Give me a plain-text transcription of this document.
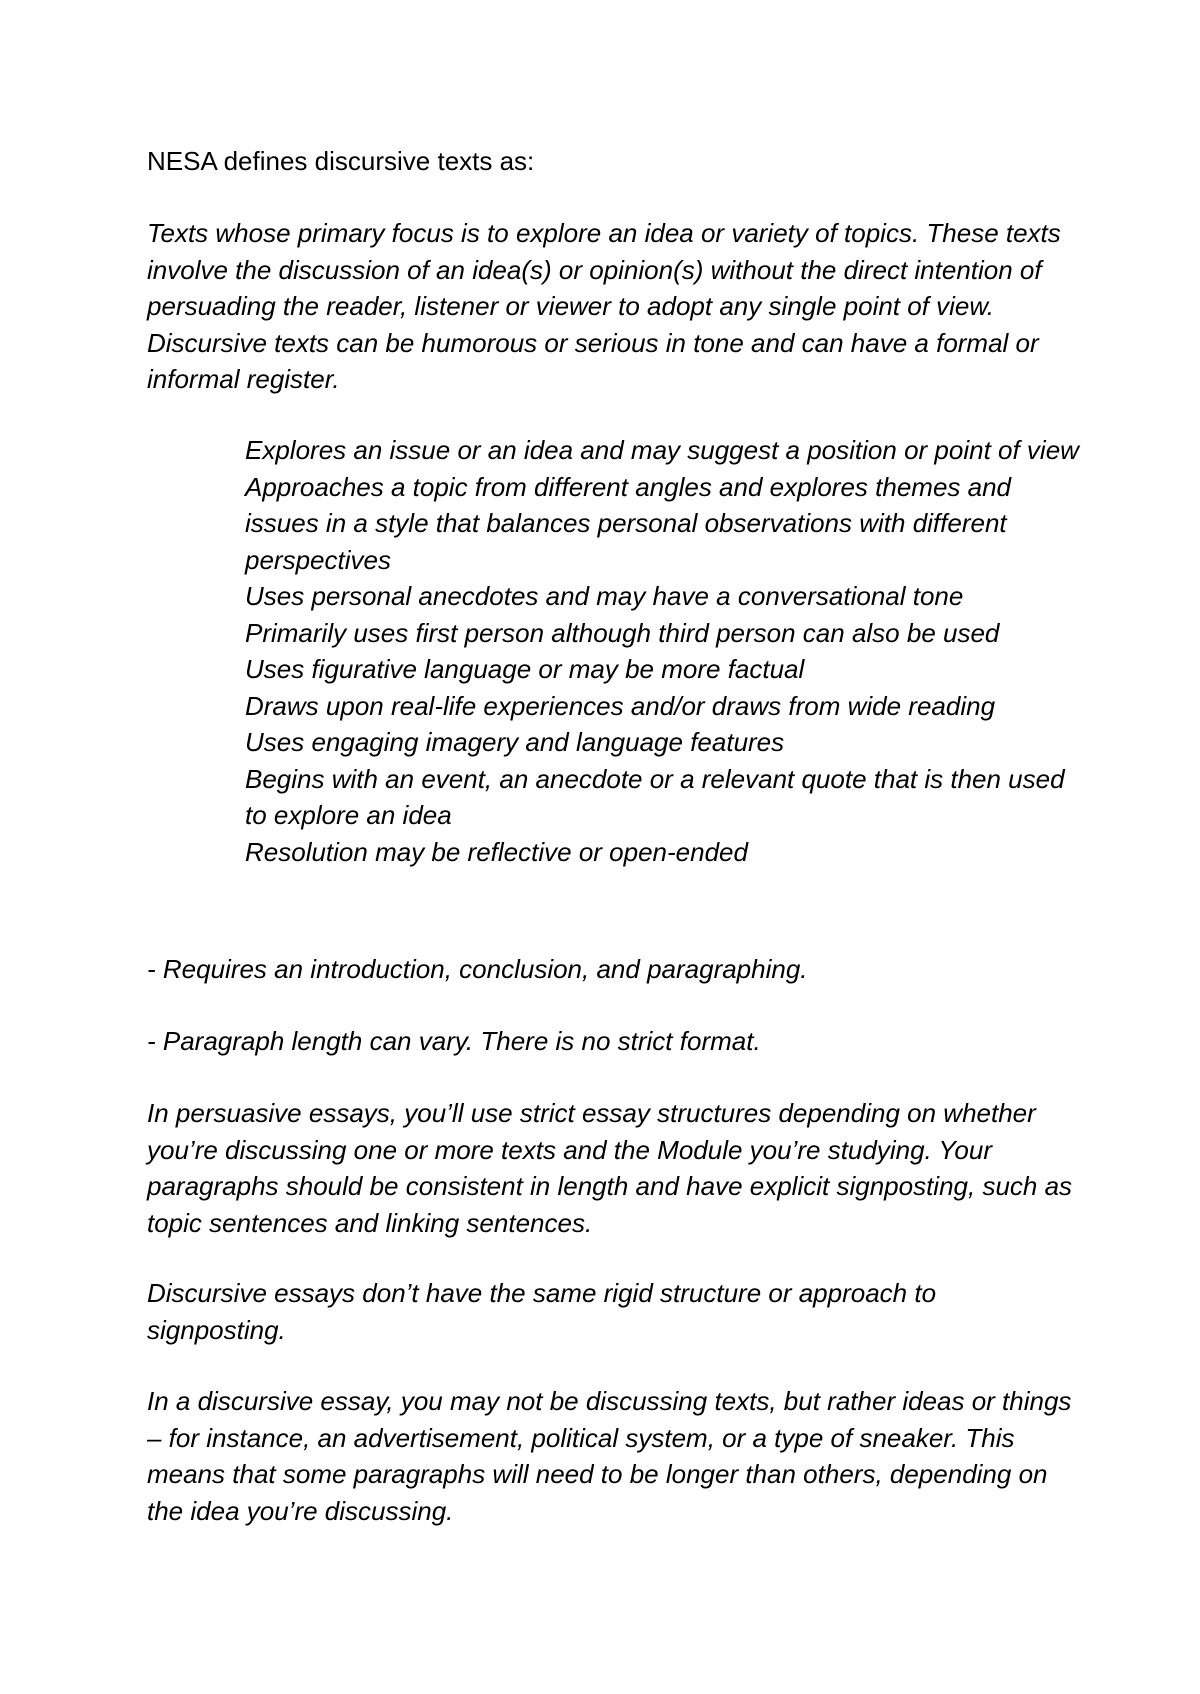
NESA defines discursive texts as:

Texts whose primary focus is to explore an idea or variety of topics. These texts involve the discussion of an idea(s) or opinion(s) without the direct intention of persuading the reader, listener or viewer to adopt any single point of view. Discursive texts can be humorous or serious in tone and can have a formal or informal register.

Explores an issue or an idea and may suggest a position or point of view
Approaches a topic from different angles and explores themes and issues in a style that balances personal observations with different perspectives
Uses personal anecdotes and may have a conversational tone
Primarily uses first person although third person can also be used
Uses figurative language or may be more factual
Draws upon real-life experiences and/or draws from wide reading
Uses engaging imagery and language features
Begins with an event, an anecdote or a relevant quote that is then used to explore an idea
Resolution may be reflective or open-ended

- Requires an introduction, conclusion, and paragraphing.

- Paragraph length can vary. There is no strict format.

In persuasive essays, you’ll use strict essay structures depending on whether you’re discussing one or more texts and the Module you’re studying. Your paragraphs should be consistent in length and have explicit signposting, such as topic sentences and linking sentences.

Discursive essays don’t have the same rigid structure or approach to signposting.

In a discursive essay, you may not be discussing texts, but rather ideas or things – for instance, an advertisement, political system, or a type of sneaker. This means that some paragraphs will need to be longer than others, depending on the idea you’re discussing.
